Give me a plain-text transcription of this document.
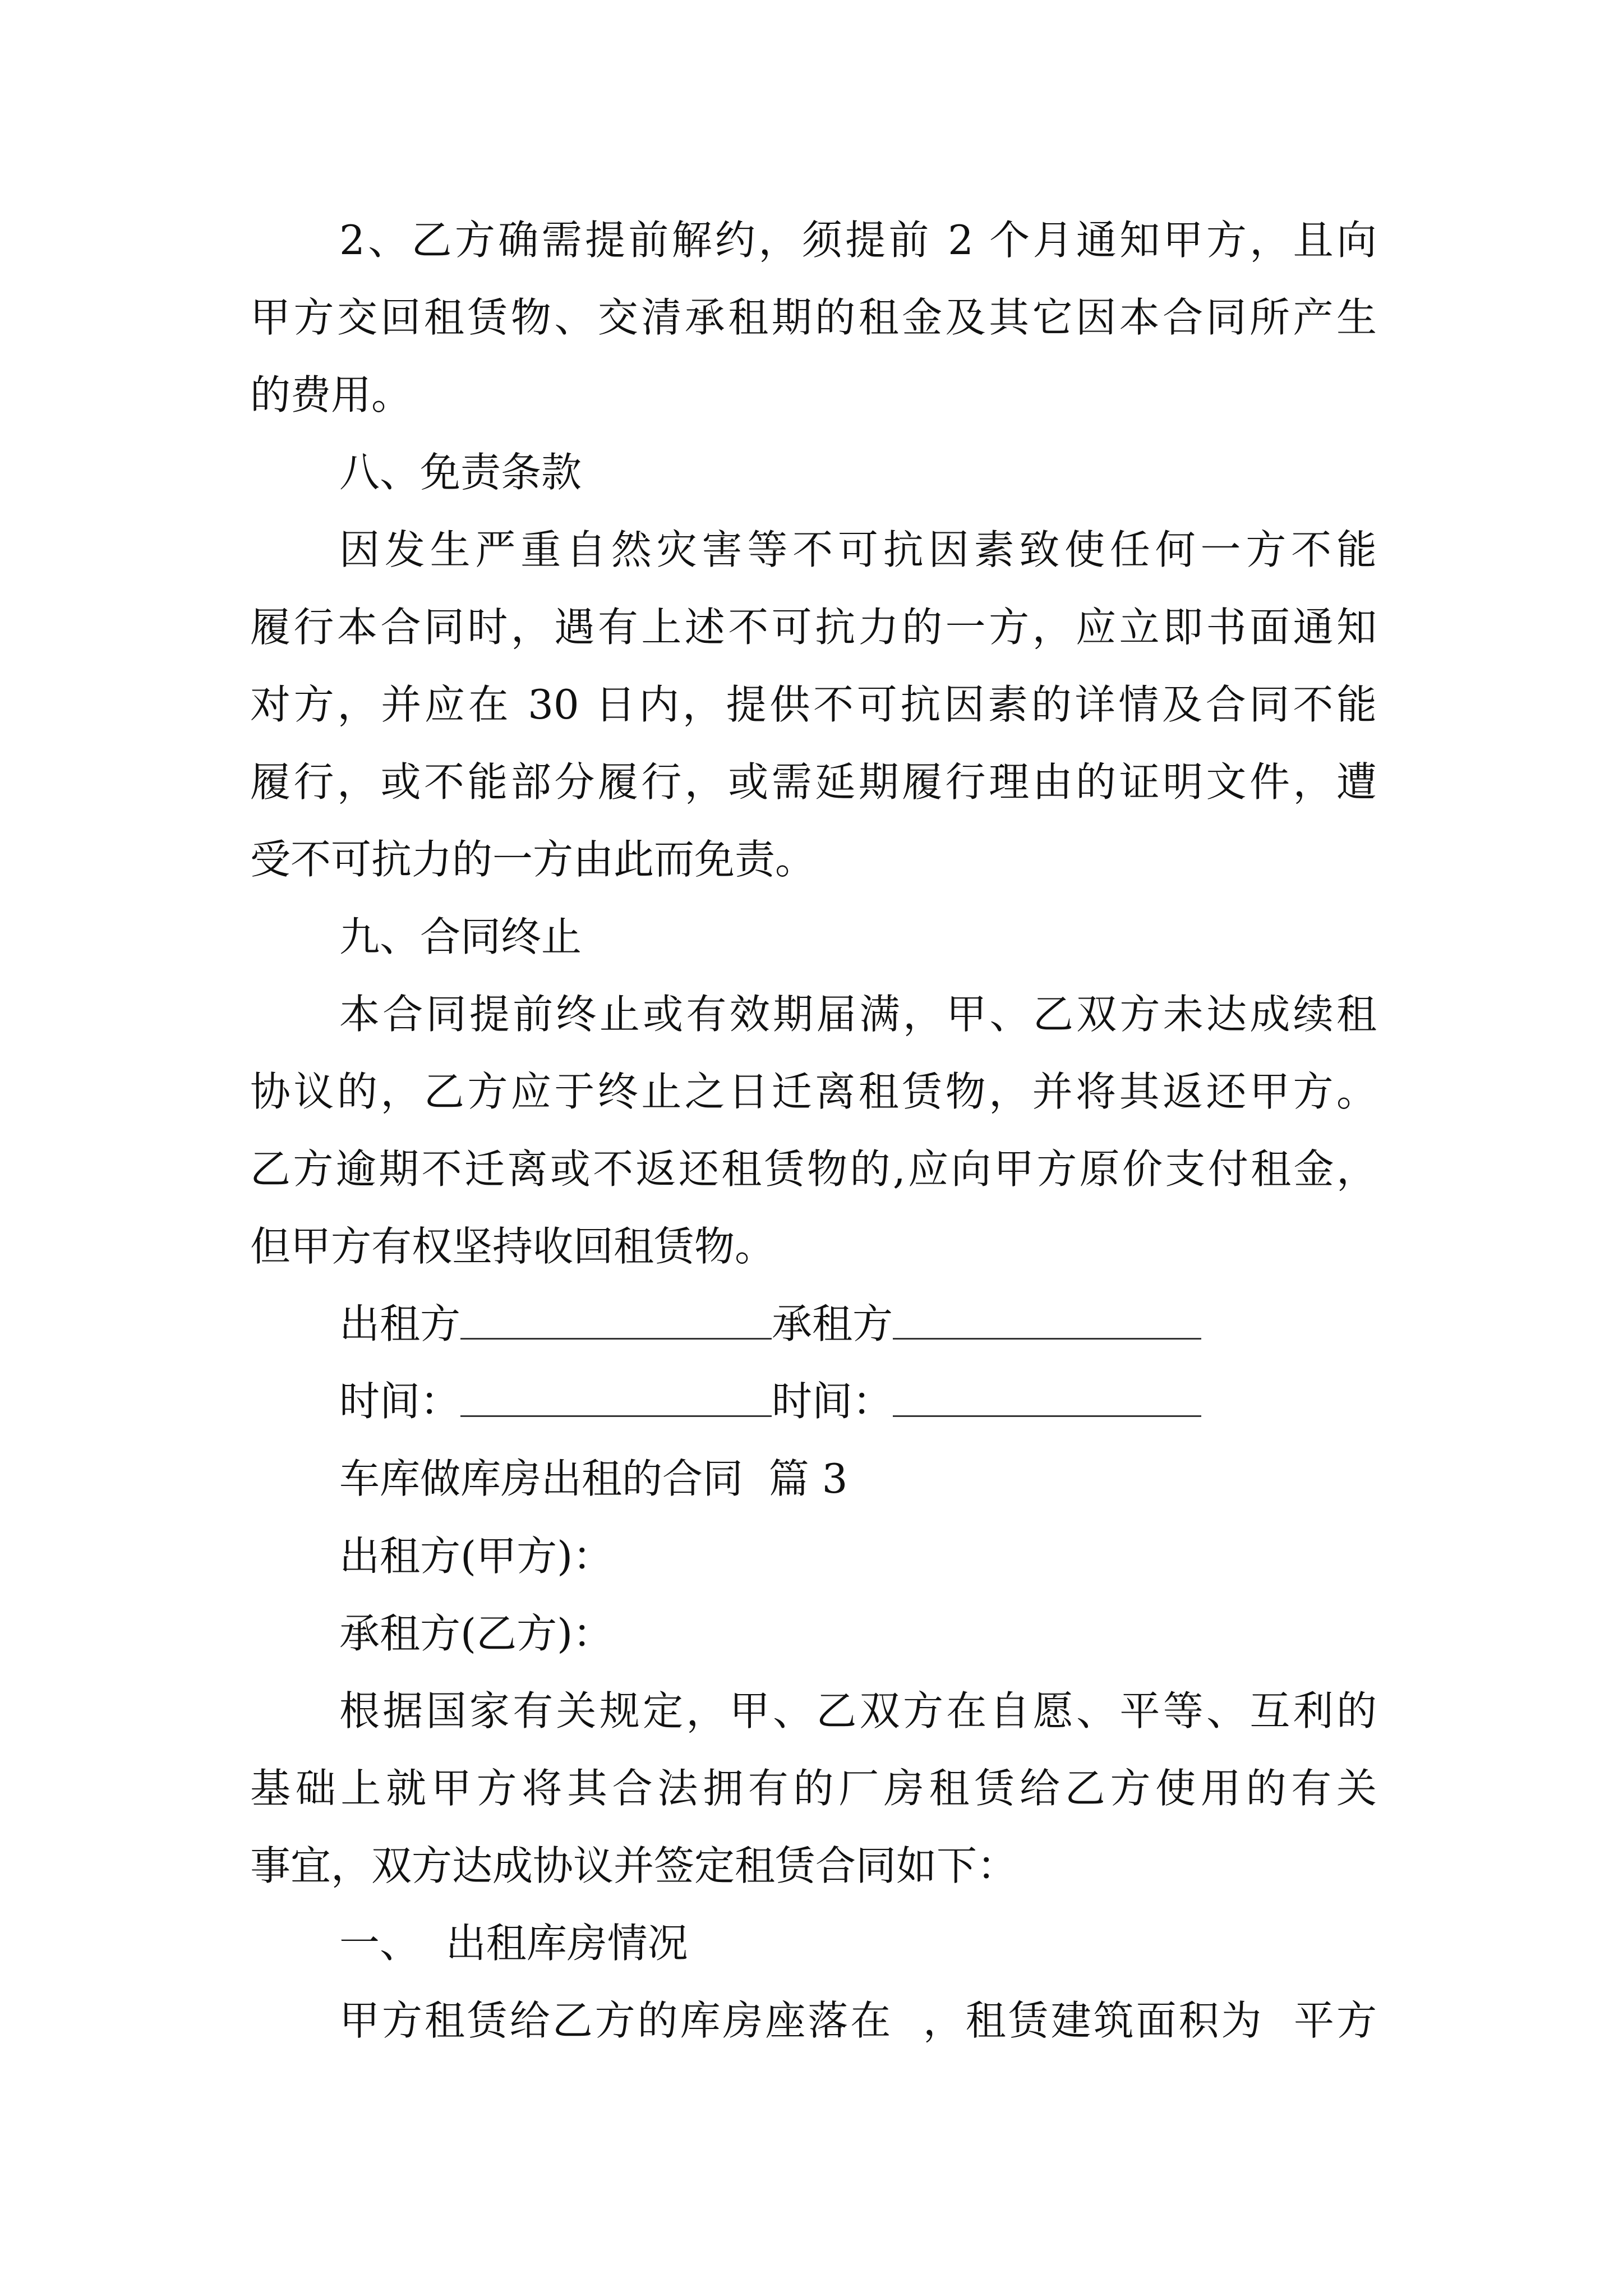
2、乙方确需提前解约，须提前 2 个月通知甲方，且向
甲方交回租赁物、交清承租期的租金及其它因本合同所产生
的费用。
八、免责条款
因发生严重自然灾害等不可抗因素致使任何一方不能
履行本合同时，遇有上述不可抗力的一方，应立即书面通知
对方，并应在 30 日内，提供不可抗因素的详情及合同不能
履行，或不能部分履行，或需延期履行理由的证明文件，遭
受不可抗力的一方由此而免责。
九、合同终止
本合同提前终止或有效期届满，甲、乙双方未达成续租
协议的，乙方应于终止之日迁离租赁物，并将其返还甲方。
乙方逾期不迁离或不返还租赁物的,应向甲方原价支付租金，
但甲方有权坚持收回租赁物。
出租方	承租方
时间：	时间：
车库做库房出租的合同  篇 3
出租方(甲方)：
承租方(乙方)：
根据国家有关规定，甲、乙双方在自愿、平等、互利的
基础上就甲方将其合法拥有的厂房租赁给乙方使用的有关
事宜，双方达成协议并签定租赁合同如下：
一、  出租库房情况
甲方租赁给乙方的库房座落在  ，租赁建筑面积为  平方
